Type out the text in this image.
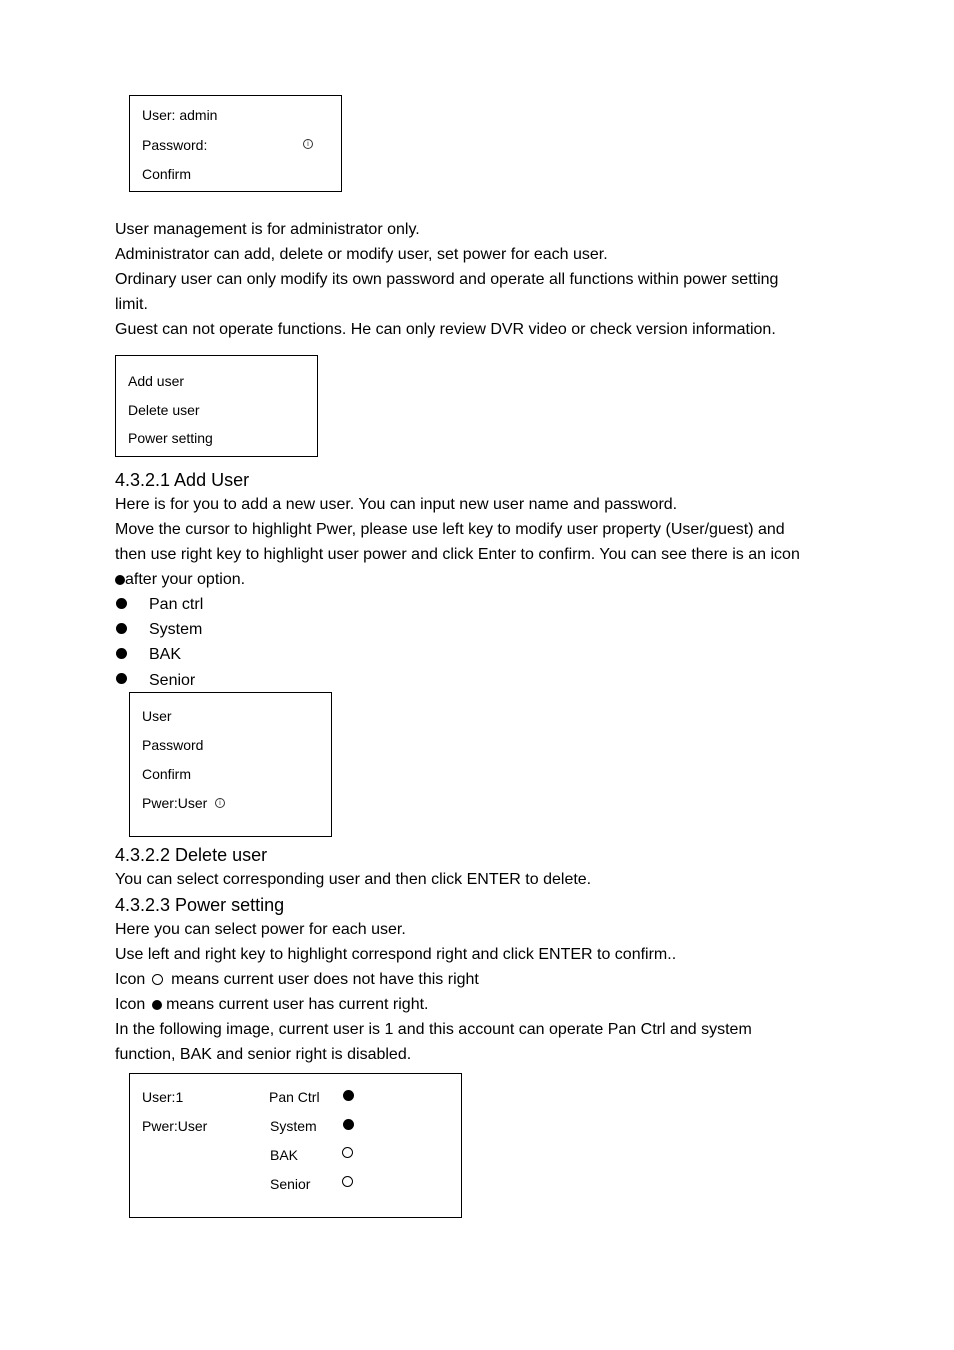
User: admin
Password:	i
Confirm
User management is for administrator only.
Administrator can add, delete or modify user, set power for each user.
Ordinary user can only modify its own password and operate all functions within power setting
limit.
Guest can not operate functions. He can only review DVR video or check version information.
Add user
Delete user
Power setting
4.3.2.1 Add User
Here is for you to add a new user. You can input new user name and password.
Move the cursor to highlight Pwer, please use left key to modify user property (User/guest) and
then use right key to highlight user power and click Enter to confirm. You can see there is an icon
after your option.
Pan ctrl
System
BAK
Senior
User
Password
Confirm
Pwer:User	i
4.3.2.2 Delete user
You can select corresponding user and then click ENTER to delete.
4.3.2.3 Power setting
Here you can select power for each user.
Use left and right key to highlight correspond right and click ENTER to confirm..
Icon means current user does not have this right
Icon means current user has current right.
In the following image, current user is 1 and this account can operate Pan Ctrl and system
function, BAK and senior right is disabled.
User:1
Pwer:User
Pan Ctrl
System
BAK
Senior
